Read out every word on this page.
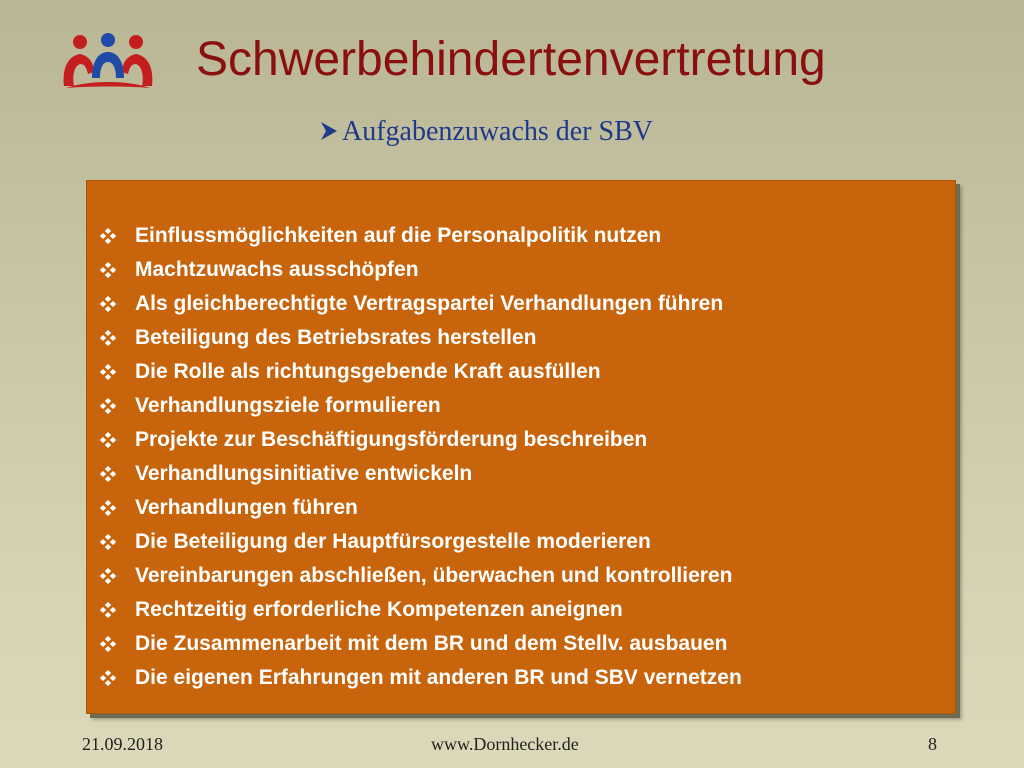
Schwerbehindertenvertretung
Aufgabenzuwachs der SBV
Einflussmöglichkeiten auf die Personalpolitik nutzen
Machtzuwachs ausschöpfen
Als gleichberechtigte Vertragspartei Verhandlungen führen
Beteiligung des Betriebsrates herstellen
Die Rolle als richtungsgebende Kraft ausfüllen
Verhandlungsziele formulieren
Projekte zur Beschäftigungsförderung beschreiben
Verhandlungsinitiative entwickeln
Verhandlungen führen
Die Beteiligung der Hauptfürsorgestelle moderieren
Vereinbarungen abschließen, überwachen und kontrollieren
Rechtzeitig erforderliche Kompetenzen aneignen
Die Zusammenarbeit mit dem BR und dem Stellv. ausbauen
Die eigenen Erfahrungen mit anderen BR und SBV vernetzen
21.09.2018	www.Dornhecker.de	8
